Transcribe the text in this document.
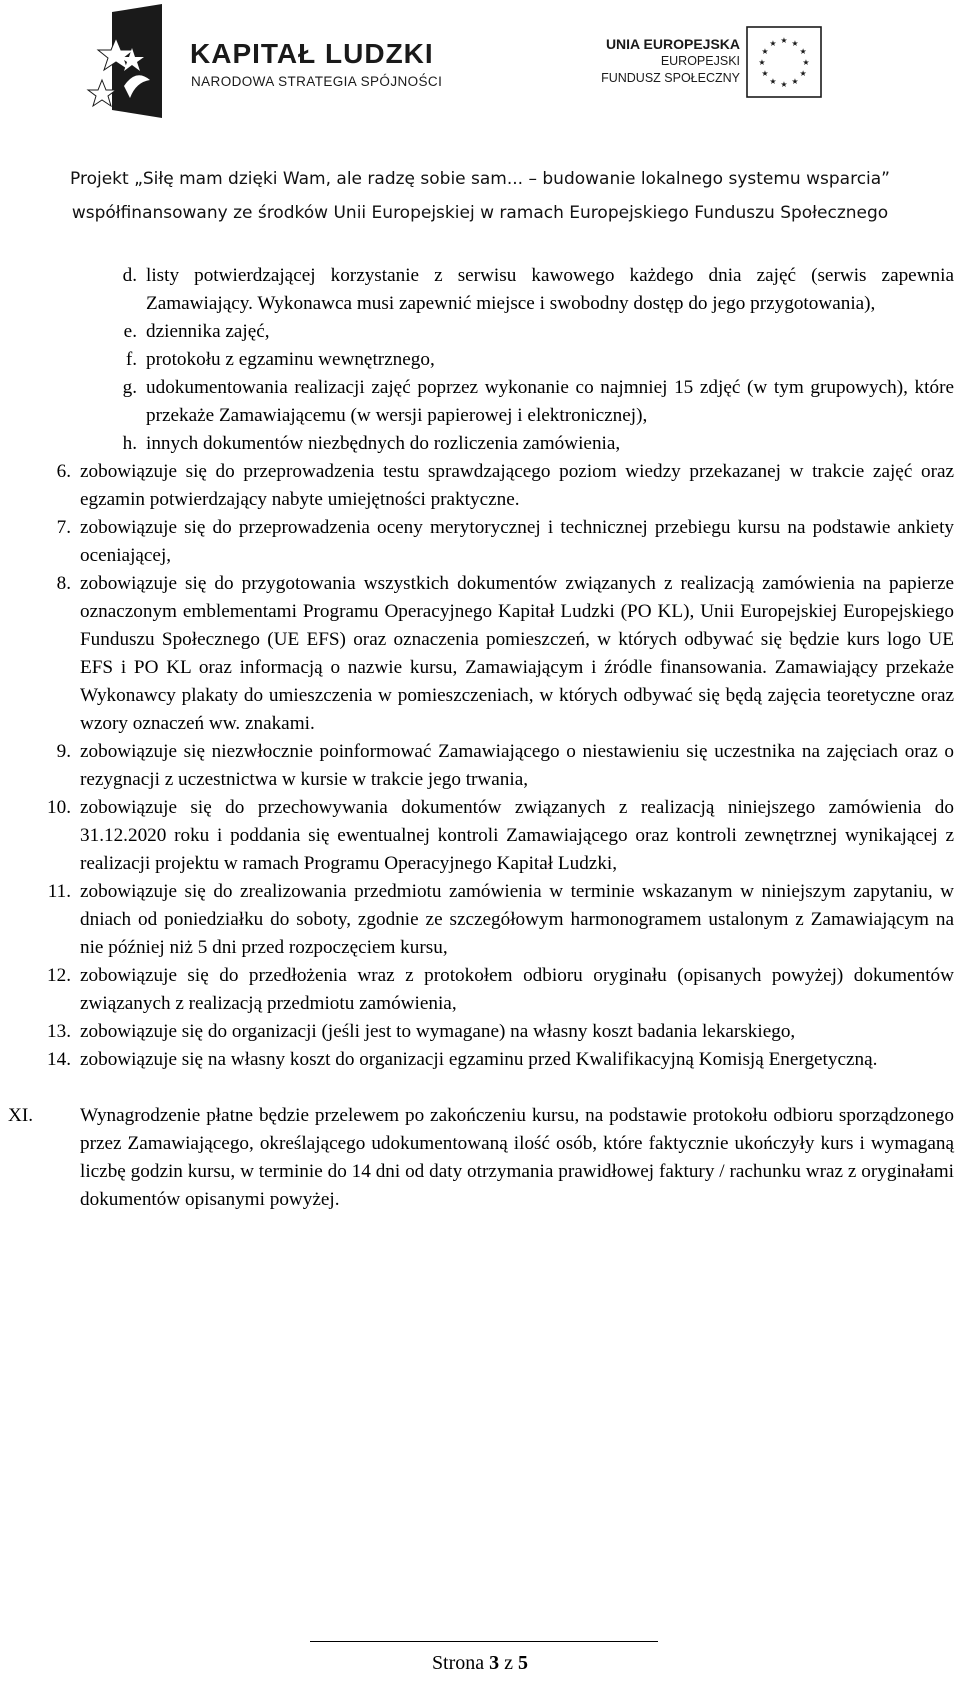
KAPITAŁ LUDZKI
NARODOWA STRATEGIA SPÓJNOŚCI
UNIA EUROPEJSKA
EUROPEJSKI
FUNDUSZ SPOŁECZNY
★ ★
★
★
★
★
★
★
★
★
★
★
Projekt „Siłę mam dzięki Wam, ale radzę sobie sam... – budowanie lokalnego systemu wsparcia”
współfinansowany ze środków Unii Europejskiej w ramach Europejskiego Funduszu Społecznego
d. listy potwierdzającej korzystanie z serwisu kawowego każdego dnia zajęć (serwis zapewnia Zamawiający. Wykonawca musi zapewnić miejsce i swobodny dostęp do jego przygotowania),
e. dziennika zajęć,
f. protokołu z egzaminu wewnętrznego,
g. udokumentowania realizacji zajęć poprzez wykonanie co najmniej 15 zdjęć (w tym grupowych), które przekaże Zamawiającemu (w wersji papierowej i elektronicznej),
h. innych dokumentów niezbędnych do rozliczenia zamówienia,
6. zobowiązuje się do przeprowadzenia testu sprawdzającego poziom wiedzy przekazanej w trakcie zajęć oraz egzamin potwierdzający nabyte umiejętności praktyczne.
7. zobowiązuje się do przeprowadzenia oceny merytorycznej i technicznej przebiegu kursu na podstawie ankiety oceniającej,
8. zobowiązuje się do przygotowania wszystkich dokumentów związanych z realizacją zamówienia na papierze oznaczonym emblementami Programu Operacyjnego Kapitał Ludzki (PO KL), Unii Europejskiej Europejskiego Funduszu Społecznego (UE EFS) oraz oznaczenia pomieszczeń, w których odbywać się będzie kurs logo UE EFS i PO KL oraz informacją o nazwie kursu, Zamawiającym i źródle finansowania. Zamawiający przekaże Wykonawcy plakaty do umieszczenia w pomieszczeniach, w których odbywać się będą zajęcia teoretyczne oraz wzory oznaczeń ww. znakami.
9. zobowiązuje się niezwłocznie poinformować Zamawiającego o niestawieniu się uczestnika na zajęciach oraz o rezygnacji z uczestnictwa w kursie w trakcie jego trwania,
10. zobowiązuje się do przechowywania dokumentów związanych z realizacją niniejszego zamówienia do 31.12.2020 roku i poddania się ewentualnej kontroli Zamawiającego oraz kontroli zewnętrznej wynikającej z realizacji projektu w ramach Programu Operacyjnego Kapitał Ludzki,
11. zobowiązuje się do zrealizowania przedmiotu zamówienia w terminie wskazanym w niniejszym zapytaniu, w dniach od poniedziałku do soboty, zgodnie ze szczegółowym harmonogramem ustalonym z Zamawiającym na nie później niż 5 dni przed rozpoczęciem kursu,
12. zobowiązuje się do przedłożenia wraz z protokołem odbioru oryginału (opisanych powyżej) dokumentów związanych z realizacją przedmiotu zamówienia,
13. zobowiązuje się do organizacji (jeśli jest to wymagane) na własny koszt badania lekarskiego,
14. zobowiązuje się na własny koszt do organizacji egzaminu przed Kwalifikacyjną Komisją Energetyczną.
XI.	Wynagrodzenie płatne będzie przelewem po zakończeniu kursu, na podstawie protokołu odbioru sporządzonego przez Zamawiającego, określającego udokumentowaną ilość osób, które faktycznie ukończyły kurs i wymaganą liczbę godzin kursu, w terminie do 14 dni od daty otrzymania prawidłowej faktury / rachunku wraz z oryginałami dokumentów opisanymi powyżej.
Strona 3 z 5
